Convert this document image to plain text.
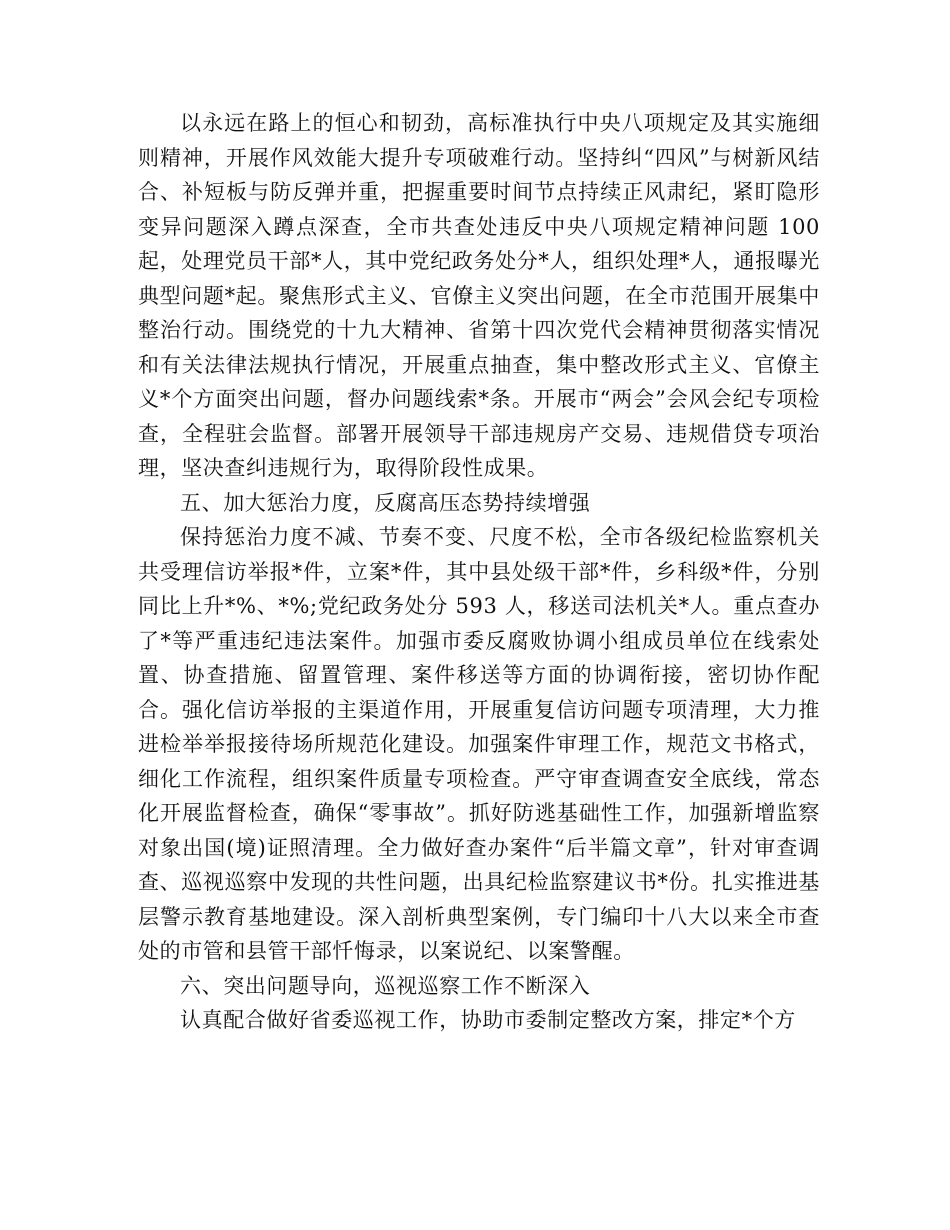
以永远在路上的恒心和韧劲，高标准执行中央八项规定及其实施细则精神，开展作风效能大提升专项破难行动。坚持纠“四风”与树新风结合、补短板与防反弹并重，把握重要时间节点持续正风肃纪，紧盯隐形变异问题深入蹲点深查，全市共查处违反中央八项规定精神问题 100起，处理党员干部*人，其中党纪政务处分*人，组织处理*人，通报曝光典型问题*起。聚焦形式主义、官僚主义突出问题，在全市范围开展集中整治行动。围绕党的十九大精神、省第十四次党代会精神贯彻落实情况和有关法律法规执行情况，开展重点抽查，集中整改形式主义、官僚主义*个方面突出问题，督办问题线索*条。开展市“两会”会风会纪专项检查，全程驻会监督。部署开展领导干部违规房产交易、违规借贷专项治理，坚决查纠违规行为，取得阶段性成果。

五、加大惩治力度，反腐高压态势持续增强

保持惩治力度不减、节奏不变、尺度不松，全市各级纪检监察机关共受理信访举报*件，立案*件，其中县处级干部*件，乡科级*件，分别同比上升*%、*%;党纪政务处分 593 人，移送司法机关*人。重点查办了*等严重违纪违法案件。加强市委反腐败协调小组成员单位在线索处置、协查措施、留置管理、案件移送等方面的协调衔接，密切协作配合。强化信访举报的主渠道作用，开展重复信访问题专项清理，大力推进检举举报接待场所规范化建设。加强案件审理工作，规范文书格式，细化工作流程，组织案件质量专项检查。严守审查调查安全底线，常态化开展监督检查，确保“零事故”。抓好防逃基础性工作，加强新增监察对象出国(境)证照清理。全力做好查办案件“后半篇文章”，针对审查调查、巡视巡察中发现的共性问题，出具纪检监察建议书*份。扎实推进基层警示教育基地建设。深入剖析典型案例，专门编印十八大以来全市查处的市管和县管干部忏悔录，以案说纪、以案警醒。

六、突出问题导向，巡视巡察工作不断深入

认真配合做好省委巡视工作，协助市委制定整改方案，排定*个方
